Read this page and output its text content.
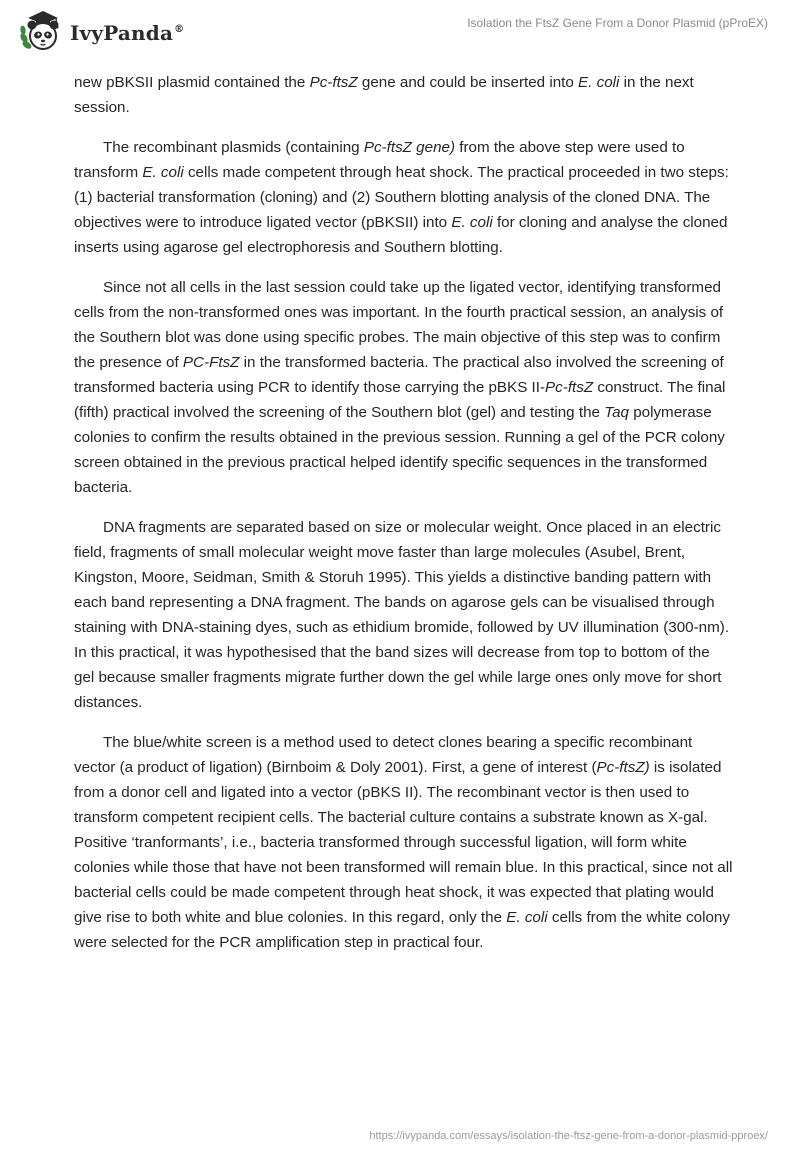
IvyPanda®	Isolation the FtsZ Gene From a Donor Plasmid (pProEX)

new pBKSII plasmid contained the Pc-ftsZ gene and could be inserted into E. coli in the next session.

The recombinant plasmids (containing Pc-ftsZ gene) from the above step were used to transform E. coli cells made competent through heat shock. The practical proceeded in two steps: (1) bacterial transformation (cloning) and (2) Southern blotting analysis of the cloned DNA. The objectives were to introduce ligated vector (pBKSII) into E. coli for cloning and analyse the cloned inserts using agarose gel electrophoresis and Southern blotting.

Since not all cells in the last session could take up the ligated vector, identifying transformed cells from the non-transformed ones was important. In the fourth practical session, an analysis of the Southern blot was done using specific probes. The main objective of this step was to confirm the presence of PC-FtsZ in the transformed bacteria. The practical also involved the screening of transformed bacteria using PCR to identify those carrying the pBKS II-Pc-ftsZ construct. The final (fifth) practical involved the screening of the Southern blot (gel) and testing the Taq polymerase colonies to confirm the results obtained in the previous session. Running a gel of the PCR colony screen obtained in the previous practical helped identify specific sequences in the transformed bacteria.

DNA fragments are separated based on size or molecular weight. Once placed in an electric field, fragments of small molecular weight move faster than large molecules (Asubel, Brent, Kingston, Moore, Seidman, Smith & Storuh 1995). This yields a distinctive banding pattern with each band representing a DNA fragment. The bands on agarose gels can be visualised through staining with DNA-staining dyes, such as ethidium bromide, followed by UV illumination (300-nm). In this practical, it was hypothesised that the band sizes will decrease from top to bottom of the gel because smaller fragments migrate further down the gel while large ones only move for short distances.

The blue/white screen is a method used to detect clones bearing a specific recombinant vector (a product of ligation) (Birnboim & Doly 2001). First, a gene of interest (Pc-ftsZ) is isolated from a donor cell and ligated into a vector (pBKS II). The recombinant vector is then used to transform competent recipient cells. The bacterial culture contains a substrate known as X-gal. Positive ‘tranformants’, i.e., bacteria transformed through successful ligation, will form white colonies while those that have not been transformed will remain blue. In this practical, since not all bacterial cells could be made competent through heat shock, it was expected that plating would give rise to both white and blue colonies. In this regard, only the E. coli cells from the white colony were selected for the PCR amplification step in practical four.

https://ivypanda.com/essays/isolation-the-ftsz-gene-from-a-donor-plasmid-pproex/
